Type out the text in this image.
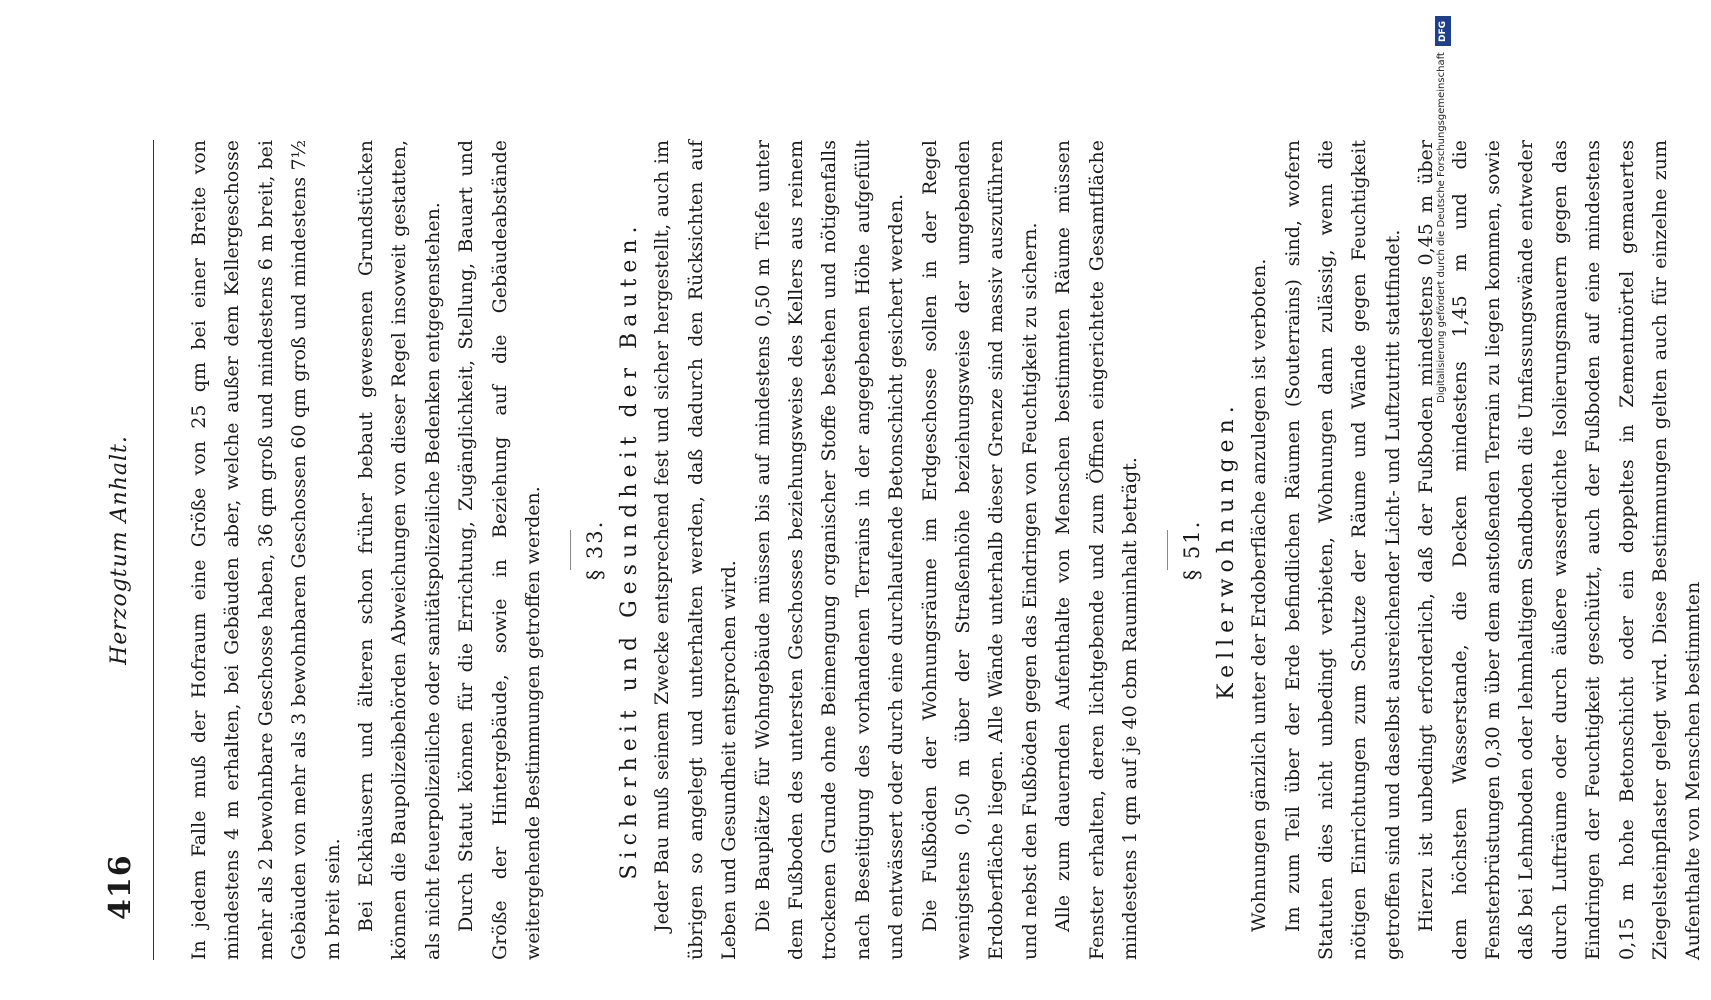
416
Herzogtum Anhalt.	In jedem Falle muß der Hofraum eine Größe von 25 qm bei einer Breite von mindestens 4 m erhalten, bei Gebäuden aber, welche außer dem Kellergeschosse mehr als 2 bewohnbare Geschosse haben, 36 qm groß und mindestens 6 m breit, bei Gebäuden von mehr als 3 bewohnbaren Geschossen 60 qm groß und mindestens 7½ m breit sein. Bei Eckhäusern und älteren schon früher bebaut gewesenen Grundstücken können die Baupolizeibehörden Abweichungen von dieser Regel insoweit gestatten, als nicht feuerpolizeiliche oder sanitätspolizeiliche Bedenken entgegenstehen. Durch Statut können für die Errichtung, Zugänglichkeit, Stellung, Bauart und Größe der Hintergebäude, sowie in Beziehung auf die Gebäudeabstände weitergehende Bestimmungen getroffen werden.	§ 33. Sicherheit und Gesundheit der Bauten. Jeder Bau muß seinem Zwecke entsprechend fest und sicher hergestellt, auch im übrigen so angelegt und unterhalten werden, daß dadurch den Rücksichten auf Leben und Gesundheit entsprochen wird. Die Bauplätze für Wohngebäude müssen bis auf mindestens 0,50 m Tiefe unter dem Fußboden des untersten Geschosses beziehungsweise des Kellers aus reinem trockenen Grunde ohne Beimengung organischer Stoffe bestehen und nötigenfalls nach Beseitigung des vorhandenen Terrains in der angegebenen Höhe aufgefüllt und entwässert oder durch eine durchlaufende Betonschicht gesichert werden. Die Fußböden der Wohnungsräume im Erdgeschosse sollen in der Regel wenigstens 0,50 m über der Straßenhöhe beziehungsweise der umgebenden Erdoberfläche liegen. Alle Wände unterhalb dieser Grenze sind massiv auszuführen und nebst den Fußböden gegen das Eindringen von Feuchtigkeit zu sichern. Alle zum dauernden Aufenthalte von Menschen bestimmten Räume müssen Fenster erhalten, deren lichtgebende und zum Öffnen eingerichtete Gesamtfläche mindestens 1 qm auf je 40 cbm Rauminhalt beträgt.	§ 51. Kellerwohnungen. Wohnungen gänzlich unter der Erdoberfläche anzulegen ist verboten. Im zum Teil über der Erde befindlichen Räumen (Souterrains) sind, wofern Statuten dies nicht unbedingt verbieten, Wohnungen dann zulässig, wenn die nötigen Einrichtungen zum Schutze der Räume und Wände gegen Feuchtigkeit getroffen sind und daselbst ausreichender Licht- und Luftzutritt stattfindet. Hierzu ist unbedingt erforderlich, daß der Fußboden mindestens 0,45 m über dem höchsten Wasserstande, die Decken mindestens 1,45 m und die Fensterbrüstungen 0,30 m über dem anstoßenden Terrain zu liegen kommen, sowie daß bei Lehmboden oder lehmhaltigem Sandboden die Umfassungswände entweder durch Lufträume oder durch äußere wasserdichte Isolierungsmauern gegen das Eindringen der Feuchtigkeit geschützt, auch der Fußboden auf eine mindestens 0,15 m hohe Betonschicht oder ein doppeltes in Zementmörtel gemauertes Ziegelsteinpflaster gelegt wird. Diese Bestimmungen gelten auch für einzelne zum Aufenthalte von Menschen bestimmten

DFG
Digitalisierung gefördert durch die Deutsche Forschungsgemeinschaft
